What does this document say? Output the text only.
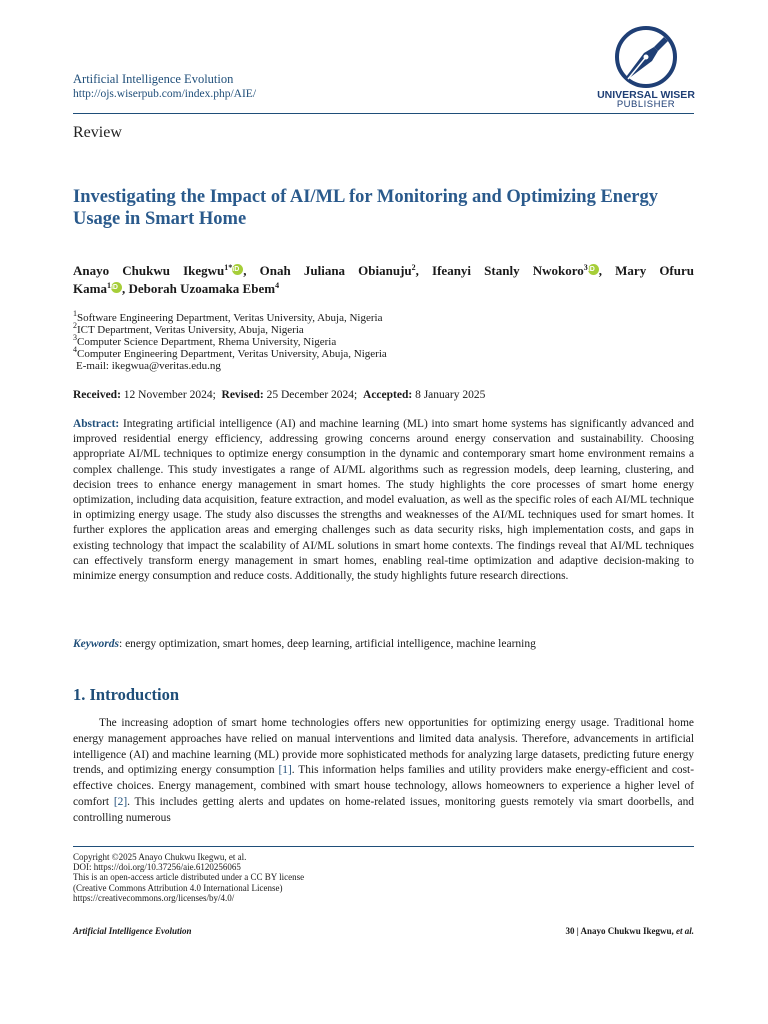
Artificial Intelligence Evolution
http://ojs.wiserpub.com/index.php/AIE/	UNIVERSAL WISER
PUBLISHER
Review
Investigating the Impact of AI/ML for Monitoring and Optimizing Energy Usage in Smart Home
Anayo Chukwu Ikegwu$^{1*}$iD , Onah Juliana Obianuju$^2$, Ifeanyi Stanly Nwokoro$^3$iD , Mary Ofuru

Kama$^1$iD , Deborah Uzoamaka Ebem$^4$
$^1$Software Engineering Department, Veritas University, Abuja, Nigeria
$^2$ICT Department, Veritas University, Abuja, Nigeria
$^3$Computer Science Department, Rhema University, Nigeria
$^4$Computer Engineering Department, Veritas University, Abuja, Nigeria
E-mail: ikegwua@veritas.edu.ng
Received: 12 November 2024; Revised: 25 December 2024; Accepted: 8 January 2025
Abstract: Integrating artificial intelligence (AI) and machine learning (ML) into smart home systems has significantly advanced and improved residential energy efficiency, addressing growing concerns around energy conservation and sustainability. Choosing appropriate AI/ML techniques to optimize energy consumption in the dynamic and contemporary smart home environment remains a complex challenge. This study investigates a range of AI/ML algorithms such as regression models, deep learning, clustering, and decision trees to enhance energy management in smart homes. The study highlights the core processes of smart home energy optimization, including data acquisition, feature extraction, and model evaluation, as well as the specific roles of each AI/ML technique in optimizing energy usage. The study also discusses the strengths and weaknesses of the AI/ML techniques used for smart homes. It further explores the application areas and emerging challenges such as data security risks, high implementation costs, and gaps in existing technology that impact the scalability of AI/ML solutions in smart home contexts. The findings reveal that AI/ML techniques can effectively transform energy management in smart homes, enabling real-time optimization and adaptive decision-making to minimize energy consumption and reduce costs. Additionally, the study highlights future research directions.
Keywords: energy optimization, smart homes, deep learning, artificial intelligence, machine learning
1. Introduction
The increasing adoption of smart home technologies offers new opportunities for optimizing energy usage. Traditional home energy management approaches have relied on manual interventions and limited data analysis. Therefore, advancements in artificial intelligence (AI) and machine learning (ML) provide more sophisticated methods for analyzing large datasets, predicting future energy trends, and optimizing energy consumption [1]. This information helps families and utility providers make energy-efficient and cost-effective choices. Energy management, combined with smart house technology, allows homeowners to experience a higher level of comfort [2]. This includes getting alerts and updates on home-related issues, monitoring guests remotely via smart doorbells, and controlling numerous
Copyright ©2025 Anayo Chukwu Ikegwu, et al.
DOI: https://doi.org/10.37256/aie.6120256065
This is an open-access article distributed under a CC BY license
(Creative Commons Attribution 4.0 International License)
https://creativecommons.org/licenses/by/4.0/
Artificial Intelligence Evolution	30 | Anayo Chukwu Ikegwu, et al.
